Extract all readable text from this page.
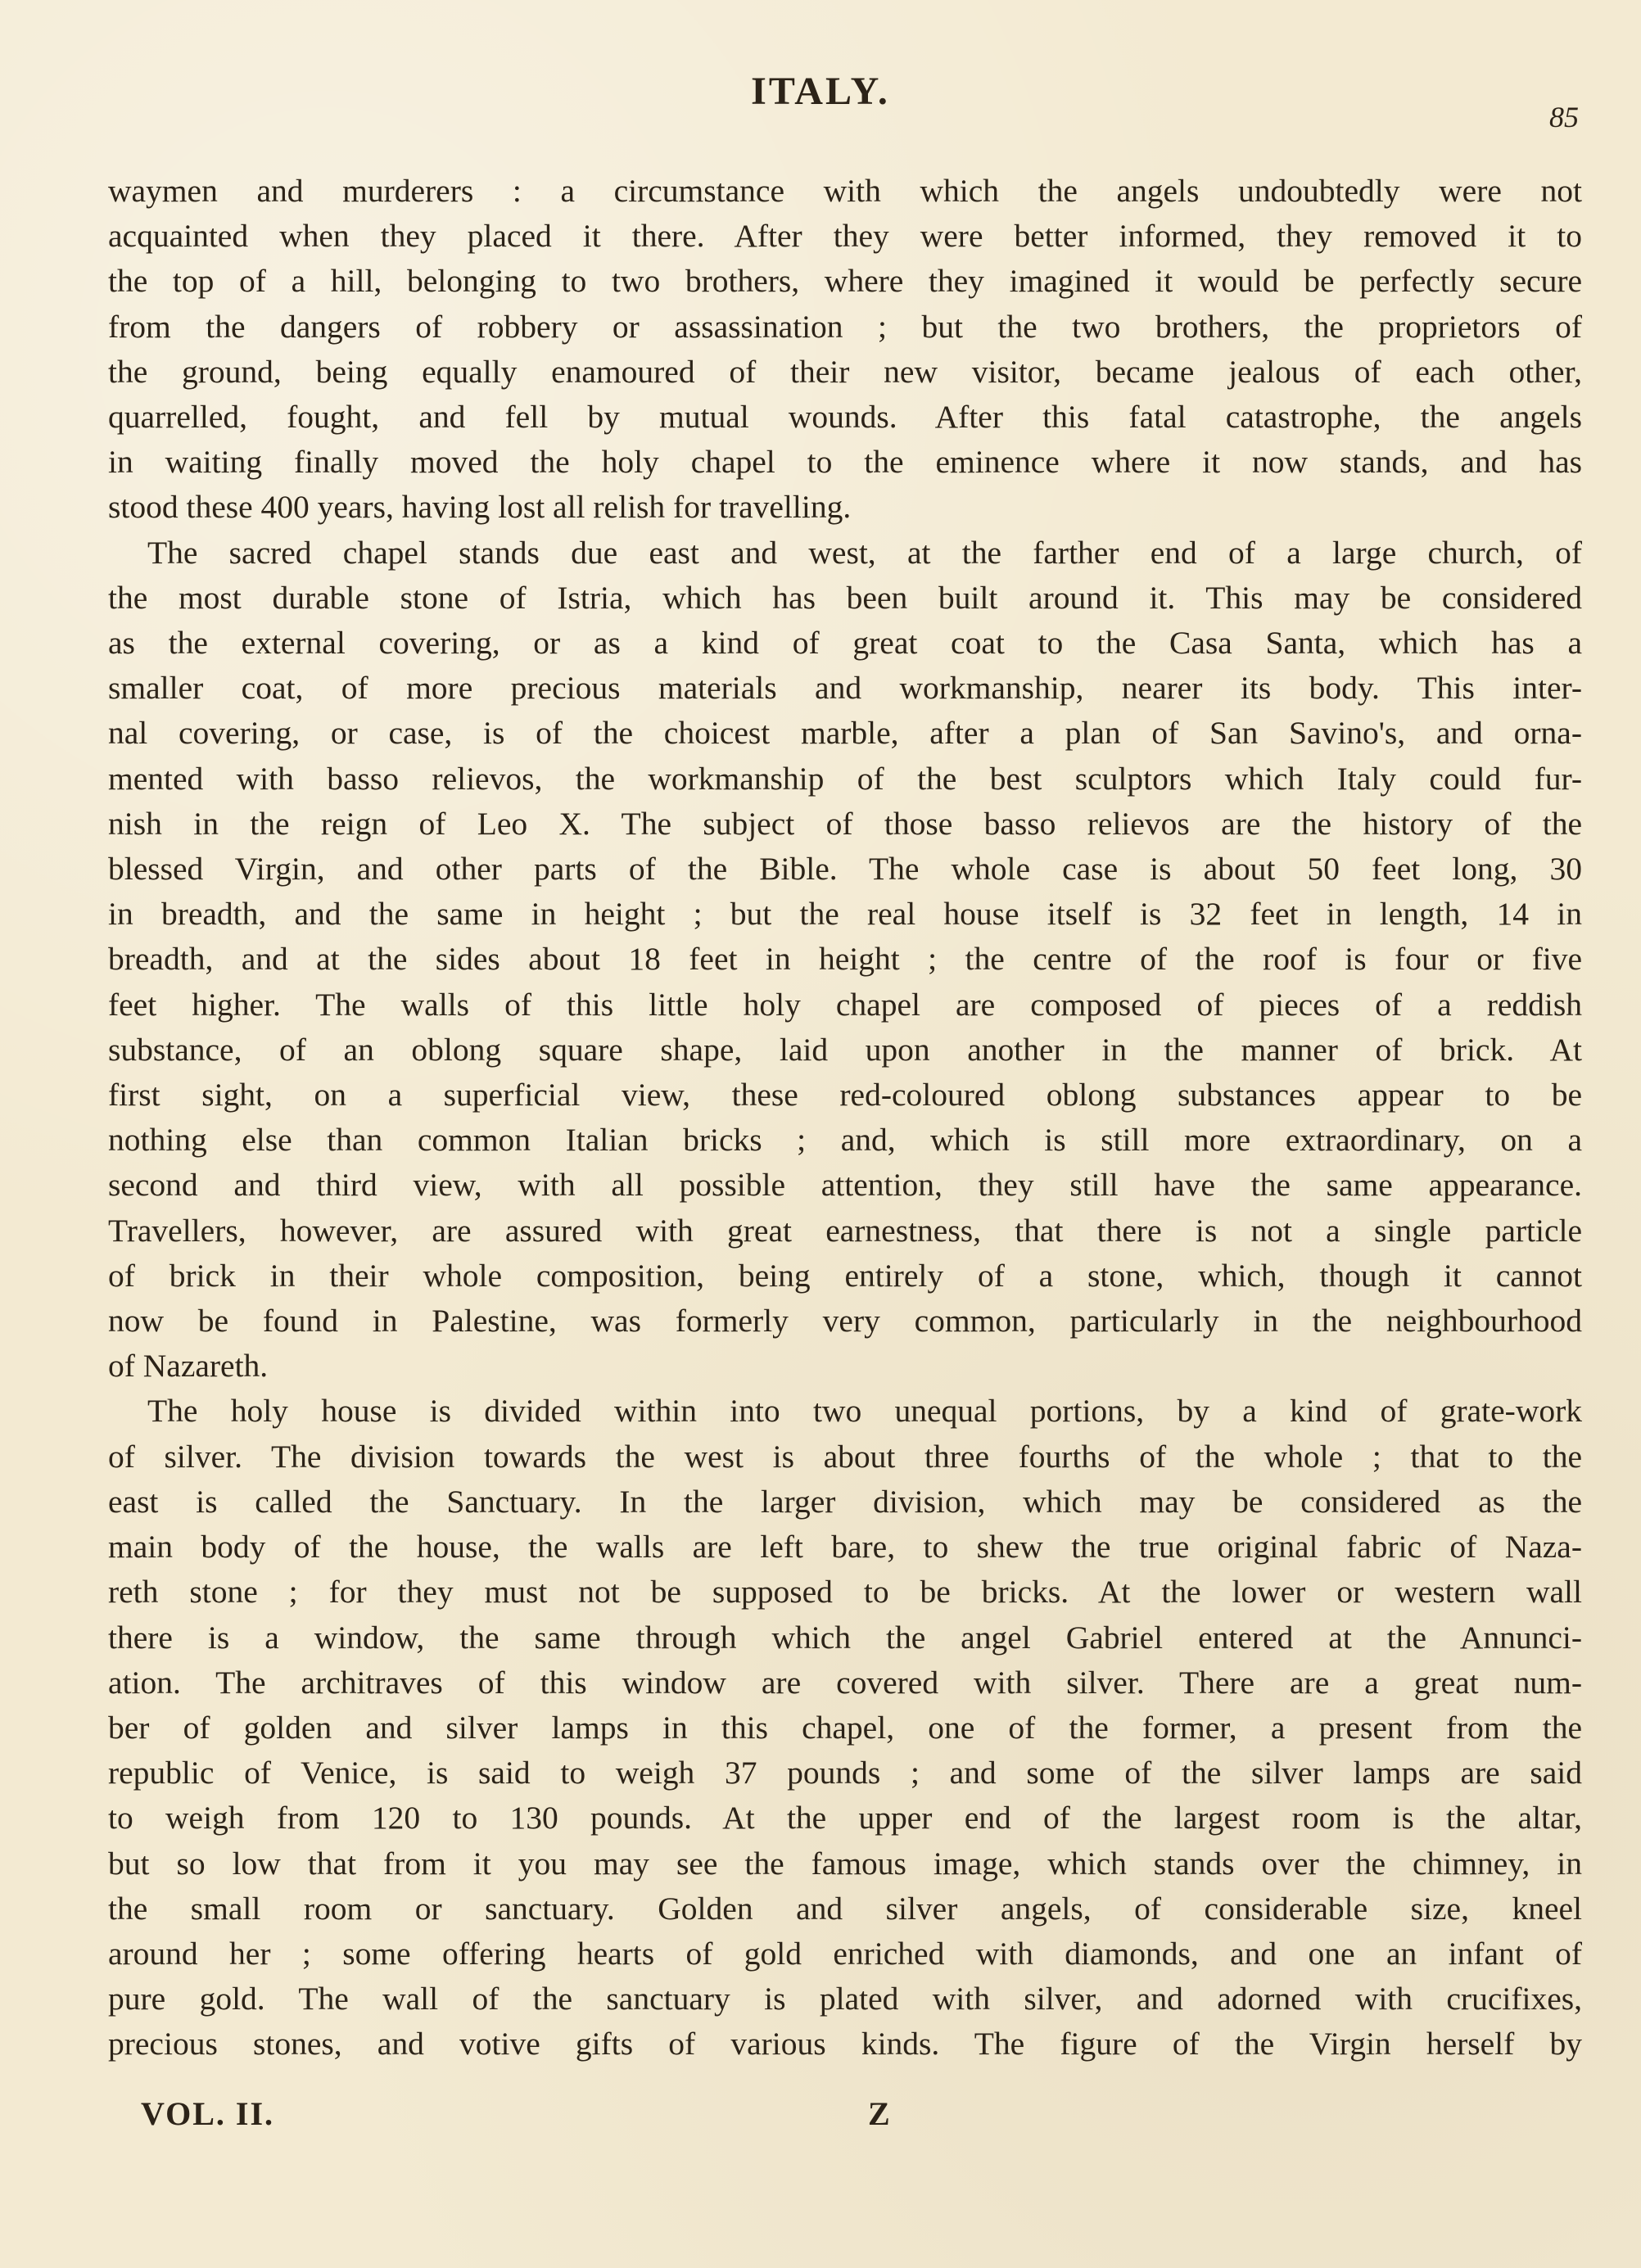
ITALY.
85
waymen and murderers : a circumstance with which the angels undoubtedly were not
acquainted when they placed it there. After they were better informed, they removed it to
the top of a hill, belonging to two brothers, where they imagined it would be perfectly secure
from the dangers of robbery or assassination ; but the two brothers, the proprietors of
the ground, being equally enamoured of their new visitor, became jealous of each other,
quarrelled, fought, and fell by mutual wounds. After this fatal catastrophe, the angels
in waiting finally moved the holy chapel to the eminence where it now stands, and has
stood these 400 years, having lost all relish for travelling.
The sacred chapel stands due east and west, at the farther end of a large church, of
the most durable stone of Istria, which has been built around it. This may be considered
as the external covering, or as a kind of great coat to the Casa Santa, which has a
smaller coat, of more precious materials and workmanship, nearer its body. This inter-
nal covering, or case, is of the choicest marble, after a plan of San Savino's, and orna-
mented with basso relievos, the workmanship of the best sculptors which Italy could fur-
nish in the reign of Leo X. The subject of those basso relievos are the history of the
blessed Virgin, and other parts of the Bible. The whole case is about 50 feet long, 30
in breadth, and the same in height ; but the real house itself is 32 feet in length, 14 in
breadth, and at the sides about 18 feet in height ; the centre of the roof is four or five
feet higher. The walls of this little holy chapel are composed of pieces of a reddish
substance, of an oblong square shape, laid upon another in the manner of brick. At
first sight, on a superficial view, these red-coloured oblong substances appear to be
nothing else than common Italian bricks ; and, which is still more extraordinary, on a
second and third view, with all possible attention, they still have the same appearance.
Travellers, however, are assured with great earnestness, that there is not a single particle
of brick in their whole composition, being entirely of a stone, which, though it cannot
now be found in Palestine, was formerly very common, particularly in the neighbourhood
of Nazareth.
The holy house is divided within into two unequal portions, by a kind of grate-work
of silver. The division towards the west is about three fourths of the whole ; that to the
east is called the Sanctuary. In the larger division, which may be considered as the
main body of the house, the walls are left bare, to shew the true original fabric of Naza-
reth stone ; for they must not be supposed to be bricks. At the lower or western wall
there is a window, the same through which the angel Gabriel entered at the Annunci-
ation. The architraves of this window are covered with silver. There are a great num-
ber of golden and silver lamps in this chapel, one of the former, a present from the
republic of Venice, is said to weigh 37 pounds ; and some of the silver lamps are said
to weigh from 120 to 130 pounds. At the upper end of the largest room is the altar,
but so low that from it you may see the famous image, which stands over the chimney, in
the small room or sanctuary. Golden and silver angels, of considerable size, kneel
around her ; some offering hearts of gold enriched with diamonds, and one an infant of
pure gold. The wall of the sanctuary is plated with silver, and adorned with crucifixes,
precious stones, and votive gifts of various kinds. The figure of the Virgin herself by
VOL. II.	Z
